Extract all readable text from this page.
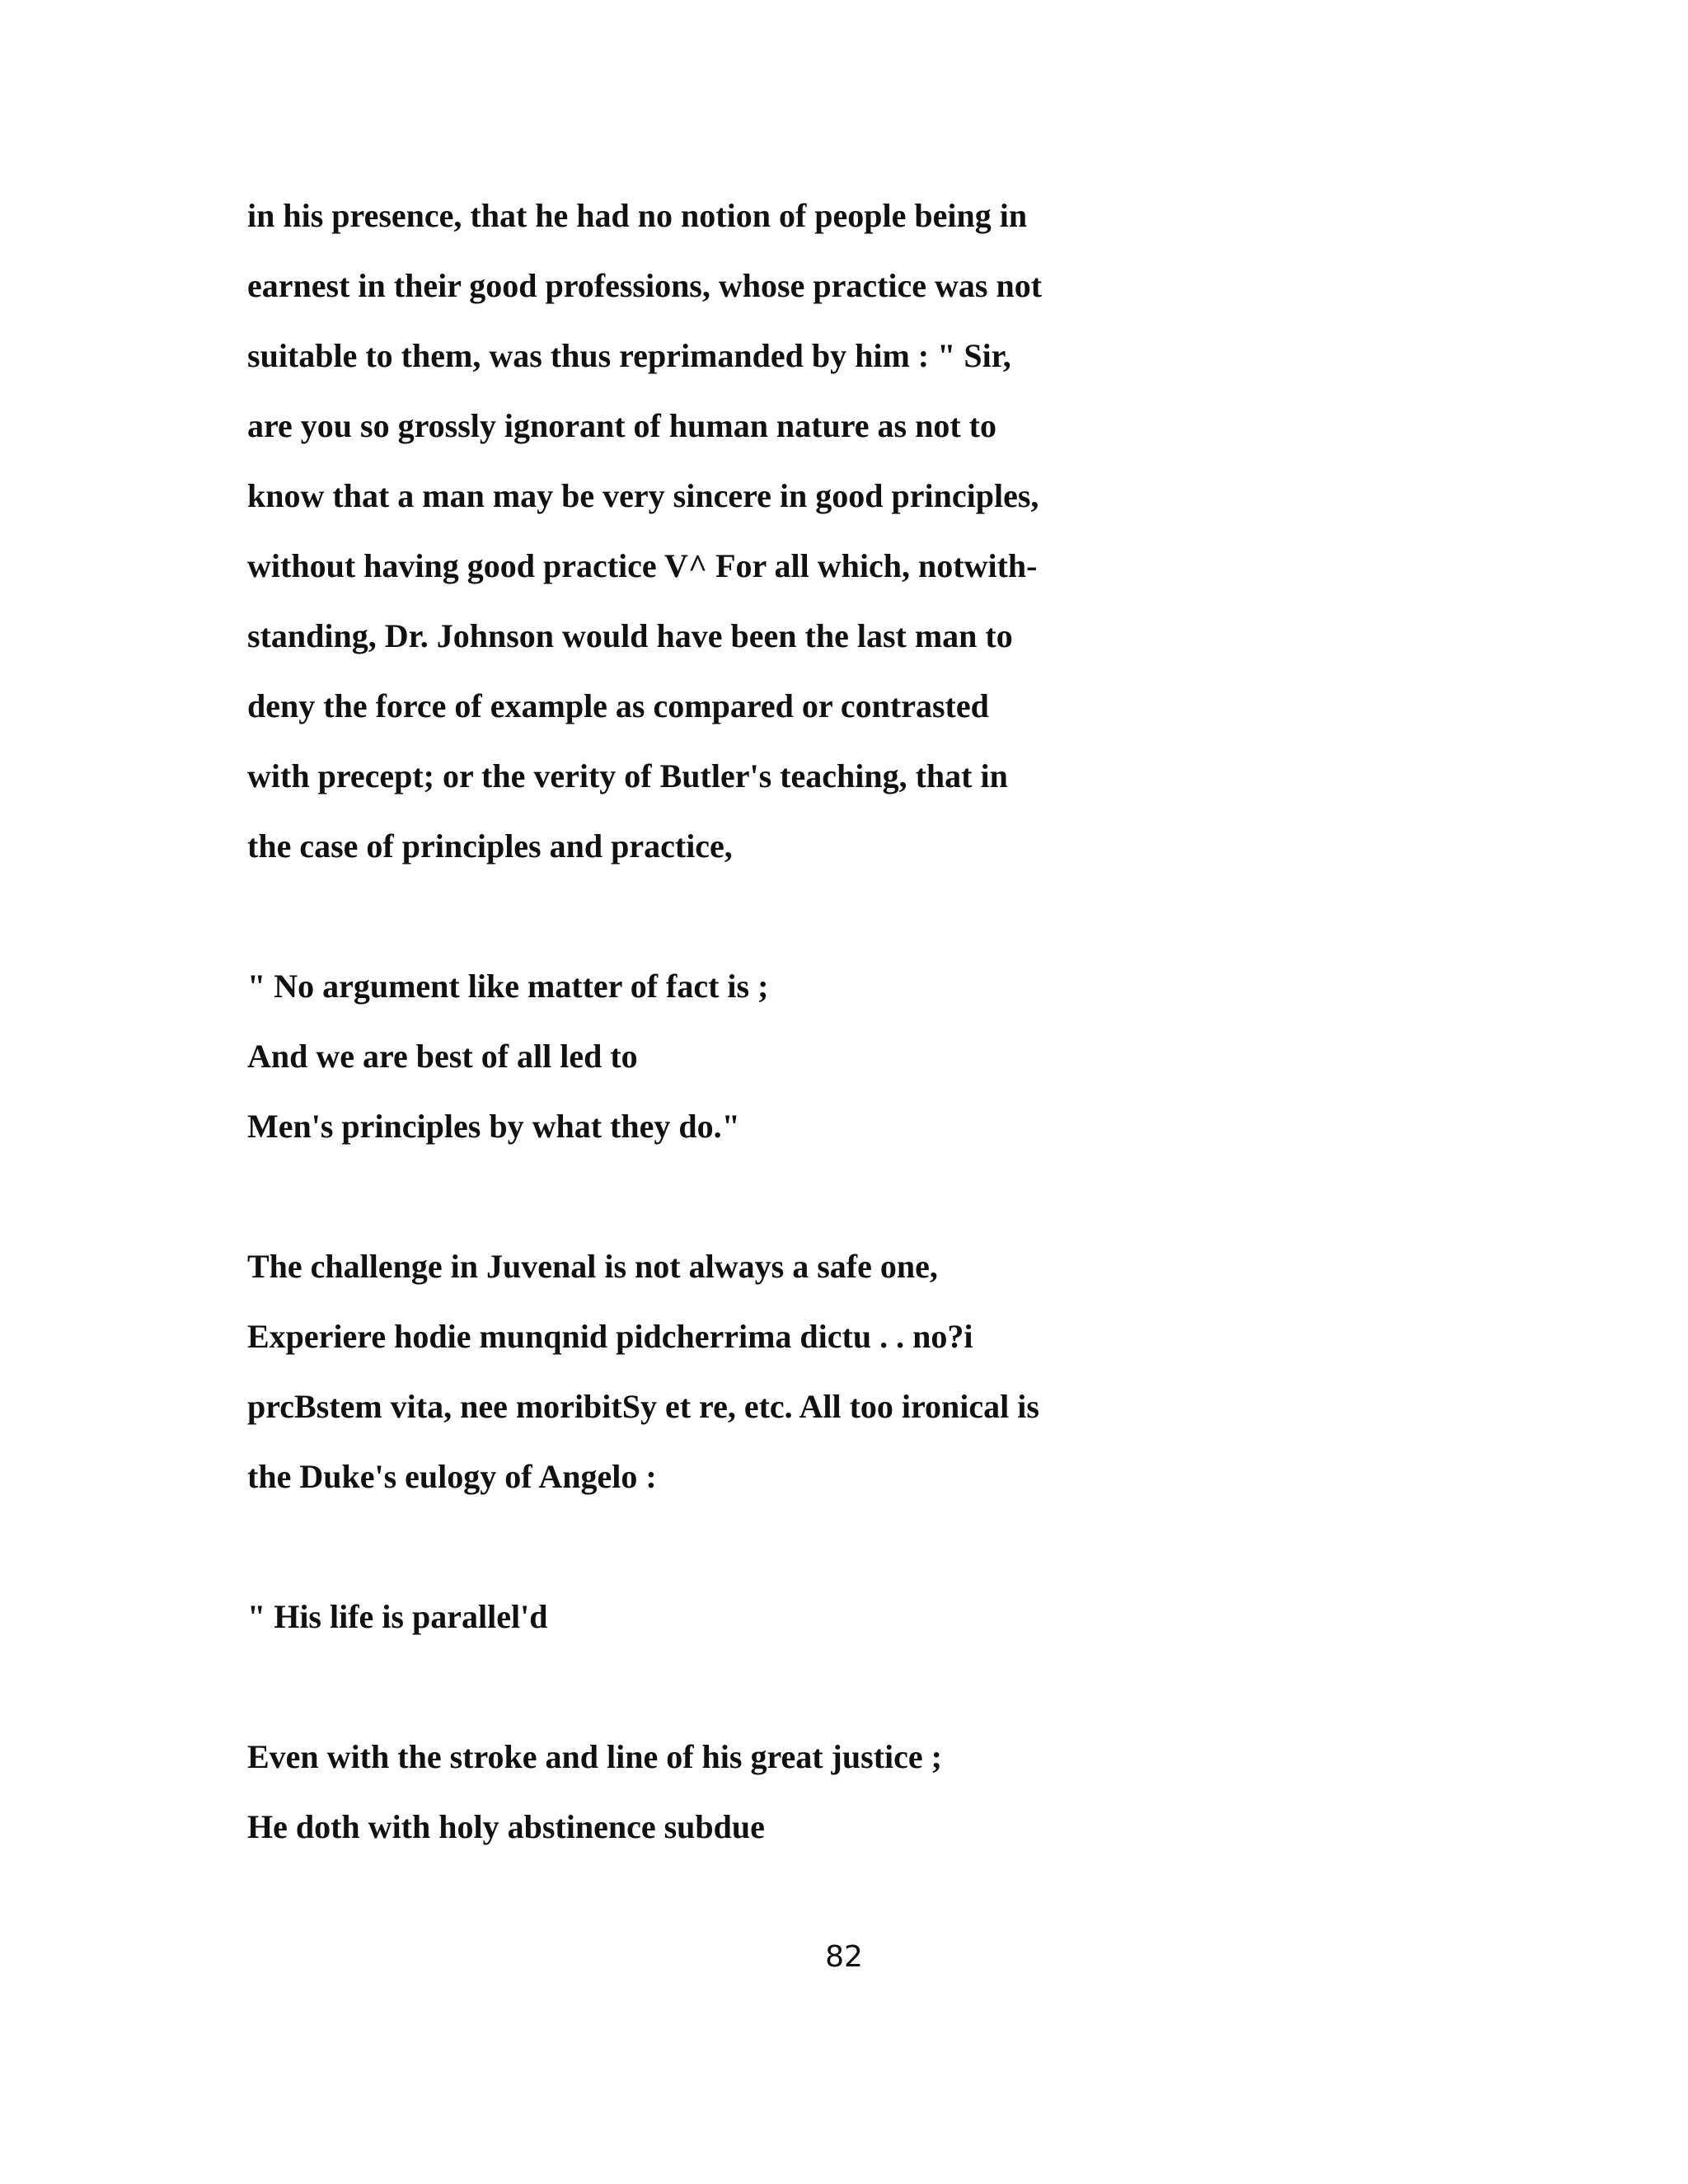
in his presence, that he had no notion of people being in
earnest in their good professions, whose practice was not
suitable to them, was thus reprimanded by him : " Sir,
are you so grossly ignorant of human nature as not to
know that a man may be very sincere in good principles,
without having good practice V^ For all which, notwith-
standing, Dr. Johnson would have been the last man to
deny the force of example as compared or contrasted
with precept; or the verity of Butler's teaching, that in
the case of principles and practice,
" No argument like matter of fact is ;
And we are best of all led to
Men's principles by what they do."
The challenge in Juvenal is not always a safe one,
Experiere hodie munqnid pidcherrima dictu . . no?i
prcBstem vita, nee moribitSy et re, etc. All too ironical is
the Duke's eulogy of Angelo :
" His life is parallel'd
Even with the stroke and line of his great justice ;
He doth with holy abstinence subdue
82
